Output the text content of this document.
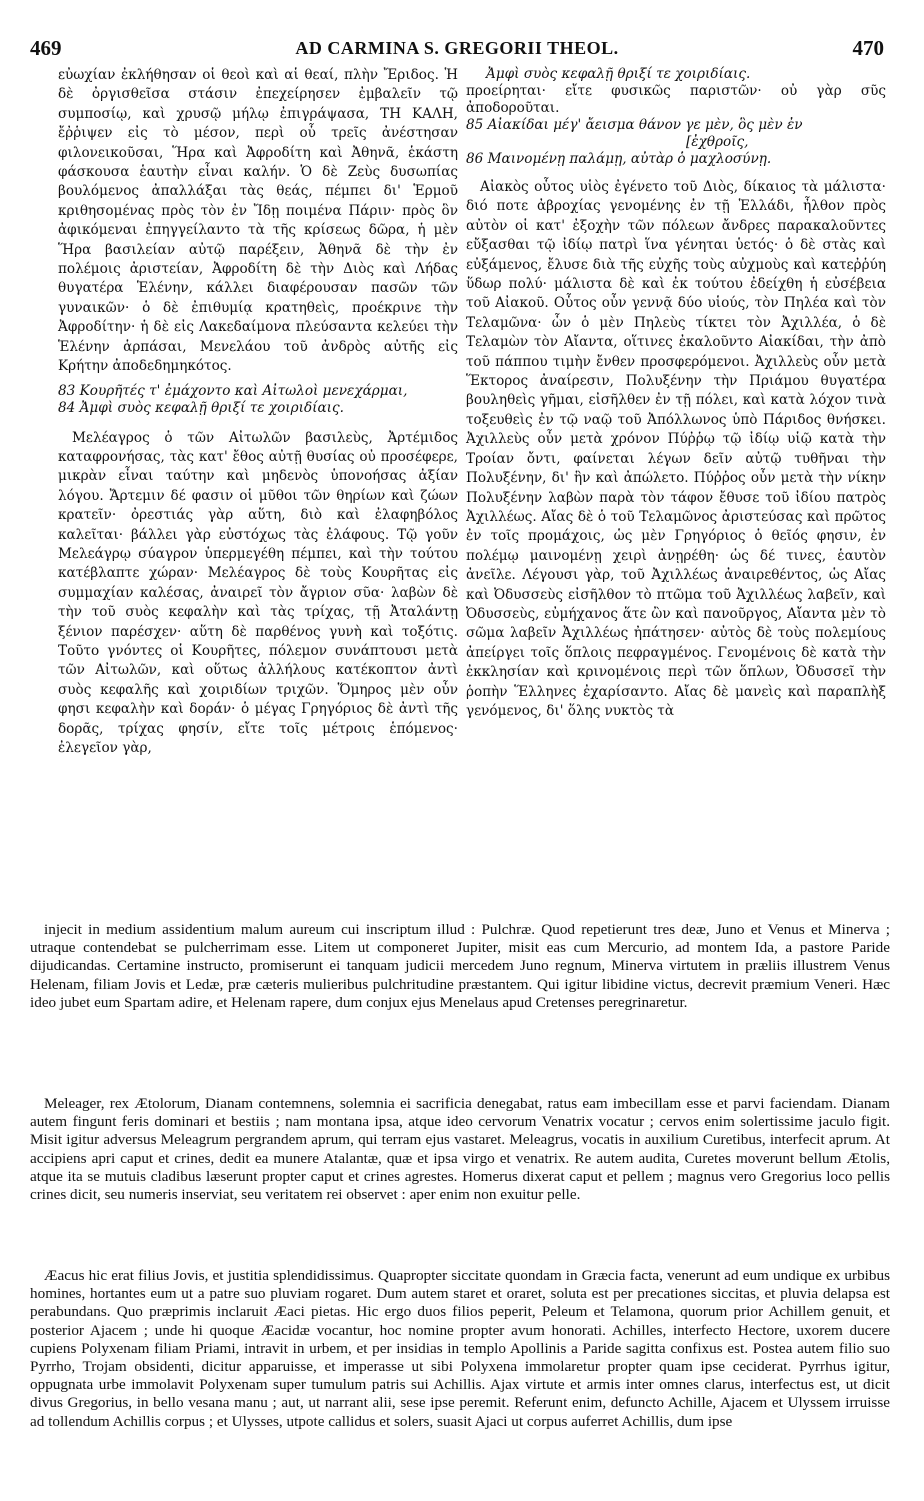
469	AD CARMINA S. GREGORII THEOL.	470

εὐωχίαν ἐκλήθησαν οἱ θεοὶ καὶ αἱ θεαί, πλὴν Ἔριδος. Ἡ δὲ ὀργισθεῖσα στάσιν ἐπεχείρησεν ἐμβαλεῖν τῷ συμποσίῳ, καὶ χρυσῷ μήλῳ ἐπιγράψασα, ΤΗ ΚΑΛΗ, ἔῤῥιψεν εἰς τὸ μέσον, περὶ οὗ τρεῖς ἀνέστησαν φιλονεικοῦσαι, Ἥρα καὶ Ἀφροδίτη καὶ Ἀθηνᾶ, ἑκάστη φάσκουσα ἑαυτὴν εἶναι καλήν. Ὁ δὲ Ζεὺς δυσωπίας βουλόμενος ἀπαλλάξαι τὰς θεάς, πέμπει δι' Ἑρμοῦ κριθησομένας πρὸς τὸν ἐν Ἴδῃ ποιμένα Πάριν· πρὸς ὃν ἀφικόμεναι ἐπηγγείλαντο τὰ τῆς κρίσεως δῶρα, ἡ μὲν Ἥρα βασιλείαν αὐτῷ παρέξειν, Ἀθηνᾶ δὲ τὴν ἐν πολέμοις ἀριστείαν, Ἀφροδίτη δὲ τὴν Διὸς καὶ Λήδας θυγατέρα Ἑλένην, κάλλει διαφέρουσαν πασῶν τῶν γυναικῶν· ὁ δὲ ἐπιθυμίᾳ κρατηθεὶς, προέκρινε τὴν Ἀφροδίτην· ἡ δὲ εἰς Λακεδαίμονα πλεύσαντα κελεύει τὴν Ἑλένην ἁρπάσαι, Μενελάου τοῦ ἀνδρὸς αὐτῆς εἰς Κρήτην ἀποδεδημηκότος.

83 Κουρῆτές τ' ἐμάχοντο καὶ Αἰτωλοὶ μενεχάρμαι,
84 Ἀμφὶ συὸς κεφαλῇ θριξί τε χοιριδίαις.

Μελέαγρος ὁ τῶν Αἰτωλῶν βασιλεὺς, Ἀρτέμιδος καταφρονήσας, τὰς κατ' ἔθος αὐτῇ θυσίας οὐ προσέφερε, μικρὰν εἶναι ταύτην καὶ μηδενὸς ὑπονοήσας ἀξίαν λόγου. Ἄρτεμιν δέ φασιν οἱ μῦθοι τῶν θηρίων καὶ ζώων κρατεῖν· ὀρεστιάς γὰρ αὕτη, διὸ καὶ ἐλαφηβόλος καλεῖται· βάλλει γὰρ εὐστόχως τὰς ἐλάφους. Τῷ γοῦν Μελεάγρῳ σύαγρον ὑπερμεγέθη πέμπει, καὶ τὴν τούτου κατέβλαπτε χώραν· Μελέαγρος δὲ τοὺς Κουρῆτας εἰς συμμαχίαν καλέσας, ἀναιρεῖ τὸν ἄγριον σῦα· λαβὼν δὲ τὴν τοῦ συὸς κεφαλὴν καὶ τὰς τρίχας, τῇ Ἀταλάντῃ ξένιον παρέσχεν· αὕτη δὲ παρθένος γυνὴ καὶ τοξότις. Τοῦτο γνόντες οἱ Κουρῆτες, πόλεμον συνάπτουσι μετὰ τῶν Αἰτωλῶν, καὶ οὕτως ἀλλήλους κατέκοπτον ἀντὶ συὸς κεφαλῆς καὶ χοιριδίων τριχῶν. Ὅμηρος μὲν οὖν φησι κεφαλὴν καὶ δοράν· ὁ μέγας Γρηγόριος δὲ ἀντὶ τῆς δορᾶς, τρίχας φησίν, εἴτε τοῖς μέτροις ἑπόμενος· ἐλεγεῖον γὰρ,

Ἀμφὶ συὸς κεφαλῇ θριξί τε χοιριδίαις.
προείρηται· εἴτε φυσικῶς παριστῶν· οὐ γὰρ σῦς ἀποδοροῦται.
85 Αἰακίδαι μέγ' ἄεισμα θάνον γε μὲν, ὃς μὲν ἐν
[ἐχθροῖς,
86 Μαινομένῃ παλάμῃ, αὐτὰρ ὁ μαχλοσύνῃ.

Αἰακὸς οὗτος υἱὸς ἐγένετο τοῦ Διὸς, δίκαιος τὰ μάλιστα· διό ποτε ἀβροχίας γενομένης ἐν τῇ Ἑλλάδι, ἦλθον πρὸς αὐτὸν οἱ κατ' ἐξοχὴν τῶν πόλεων ἄνδρες παρακαλοῦντες εὔξασθαι τῷ ἰδίῳ πατρὶ ἵνα γένηται ὑετός· ὁ δὲ στὰς καὶ εὐξάμενος, ἔλυσε διὰ τῆς εὐχῆς τοὺς αὐχμοὺς καὶ κατεῤῥύη ὕδωρ πολύ· μάλιστα δὲ καὶ ἐκ τούτου ἐδείχθη ἡ εὐσέβεια τοῦ Αἰακοῦ. Οὗτος οὖν γεννᾷ δύο υἱούς, τὸν Πηλέα καὶ τὸν Τελαμῶνα· ὧν ὁ μὲν Πηλεὺς τίκτει τὸν Ἀχιλλέα, ὁ δὲ Τελαμὼν τὸν Αἴαντα, οἵτινες ἐκαλοῦντο Αἰακίδαι, τὴν ἀπὸ τοῦ πάππου τιμὴν ἔνθεν προσφερόμενοι. Ἀχιλλεὺς οὖν μετὰ Ἕκτορος ἀναίρεσιν, Πολυξένην τὴν Πριάμου θυγατέρα βουληθεὶς γῆμαι, εἰσῆλθεν ἐν τῇ πόλει, καὶ κατὰ λόχον τινὰ τοξευθεὶς ἐν τῷ ναῷ τοῦ Ἀπόλλωνος ὑπὸ Πάριδος θνήσκει. Ἀχιλλεὺς οὖν μετὰ χρόνον Πύῤῥῳ τῷ ἰδίῳ υἱῷ κατὰ τὴν Τροίαν ὄντι, φαίνεται λέγων δεῖν αὐτῷ τυθῆναι τὴν Πολυξένην, δι' ἣν καὶ ἀπώλετο. Πύῤῥος οὖν μετὰ τὴν νίκην Πολυξένην λαβὼν παρὰ τὸν τάφον ἔθυσε τοῦ ἰδίου πατρὸς Ἀχιλλέως. Αἴας δὲ ὁ τοῦ Τελαμῶνος ἀριστεύσας καὶ πρῶτος ἐν τοῖς προμάχοις, ὡς μὲν Γρηγόριος ὁ θεῖός φησιν, ἐν πολέμῳ μαινομένῃ χειρὶ ἀνῃρέθη· ὡς δέ τινες, ἑαυτὸν ἀνεῖλε. Λέγουσι γὰρ, τοῦ Ἀχιλλέως ἀναιρεθέντος, ὡς Αἴας καὶ Ὀδυσσεὺς εἰσῆλθον τὸ πτῶμα τοῦ Ἀχιλλέως λαβεῖν, καὶ Ὀδυσσεὺς, εὐμήχανος ἅτε ὢν καὶ πανοῦργος, Αἴαντα μὲν τὸ σῶμα λαβεῖν Ἀχιλλέως ἠπάτησεν· αὐτὸς δὲ τοὺς πολεμίους ἀπείργει τοῖς ὅπλοις πεφραγμένος. Γενομένοις δὲ κατὰ τὴν ἐκκλησίαν καὶ κρινομένοις περὶ τῶν ὅπλων, Ὀδυσσεῖ τὴν ῥοπὴν Ἕλληνες ἐχαρίσαντο. Αἴας δὲ μανεὶς καὶ παραπλὴξ γενόμενος, δι' ὅλης νυκτὸς τὰ

injecit in medium assidentium malum aureum cui inscriptum illud : Pulchræ. Quod repetierunt tres deæ, Juno et Venus et Minerva ; utraque contendebat se pulcherrimam esse. Litem ut componeret Jupiter, misit eas cum Mercurio, ad montem Ida, a pastore Paride dijudicandas. Certamine instructo, promiserunt ei tanquam judicii mercedem Juno regnum, Minerva virtutem in præliis illustrem Venus Helenam, filiam Jovis et Ledæ, præ cæteris mulieribus pulchritudine præstantem. Qui igitur libidine victus, decrevit præmium Veneri. Hæc ideo jubet eum Spartam adire, et Helenam rapere, dum conjux ejus Menelaus apud Cretenses peregrinaretur.

Meleager, rex Ætolorum, Dianam contemnens, solemnia ei sacrificia denegabat, ratus eam imbecillam esse et parvi faciendam. Dianam autem fingunt feris dominari et bestiis ; nam montana ipsa, atque ideo cervorum Venatrix vocatur ; cervos enim solertissime jaculo figit. Misit igitur adversus Meleagrum pergrandem aprum, qui terram ejus vastaret. Meleagrus, vocatis in auxilium Curetibus, interfecit aprum. At accipiens apri caput et crines, dedit ea munere Atalantæ, quæ et ipsa virgo et venatrix. Re autem audita, Curetes moverunt bellum Ætolis, atque ita se mutuis cladibus læserunt propter caput et crines agrestes. Homerus dixerat caput et pellem ; magnus vero Gregorius loco pellis crines dicit, seu numeris inserviat, seu veritatem rei observet : aper enim non exuitur pelle.

Æacus hic erat filius Jovis, et justitia splendidissimus. Quapropter siccitate quondam in Græcia facta, venerunt ad eum undique ex urbibus homines, hortantes eum ut a patre suo pluviam rogaret. Dum autem staret et oraret, soluta est per precationes siccitas, et pluvia delapsa est perabundans. Quo præprimis inclaruit Æaci pietas. Hic ergo duos filios peperit, Peleum et Telamona, quorum prior Achillem genuit, et posterior Ajacem ; unde hi quoque Æacidæ vocantur, hoc nomine propter avum honorati. Achilles, interfecto Hectore, uxorem ducere cupiens Polyxenam filiam Priami, intravit in urbem, et per insidias in templo Apollinis a Paride sagitta confixus est. Postea autem filio suo Pyrrho, Trojam obsidenti, dicitur apparuisse, et imperasse ut sibi Polyxena immolaretur propter quam ipse ceciderat. Pyrrhus igitur, oppugnata urbe immolavit Polyxenam super tumulum patris sui Achillis. Ajax virtute et armis inter omnes clarus, interfectus est, ut dicit divus Gregorius, in bello vesana manu ; aut, ut narrant alii, sese ipse peremit. Referunt enim, defuncto Achille, Ajacem et Ulyssem irruisse ad tollendum Achillis corpus ; et Ulysses, utpote callidus et solers, suasit Ajaci ut corpus auferret Achillis, dum ipse
